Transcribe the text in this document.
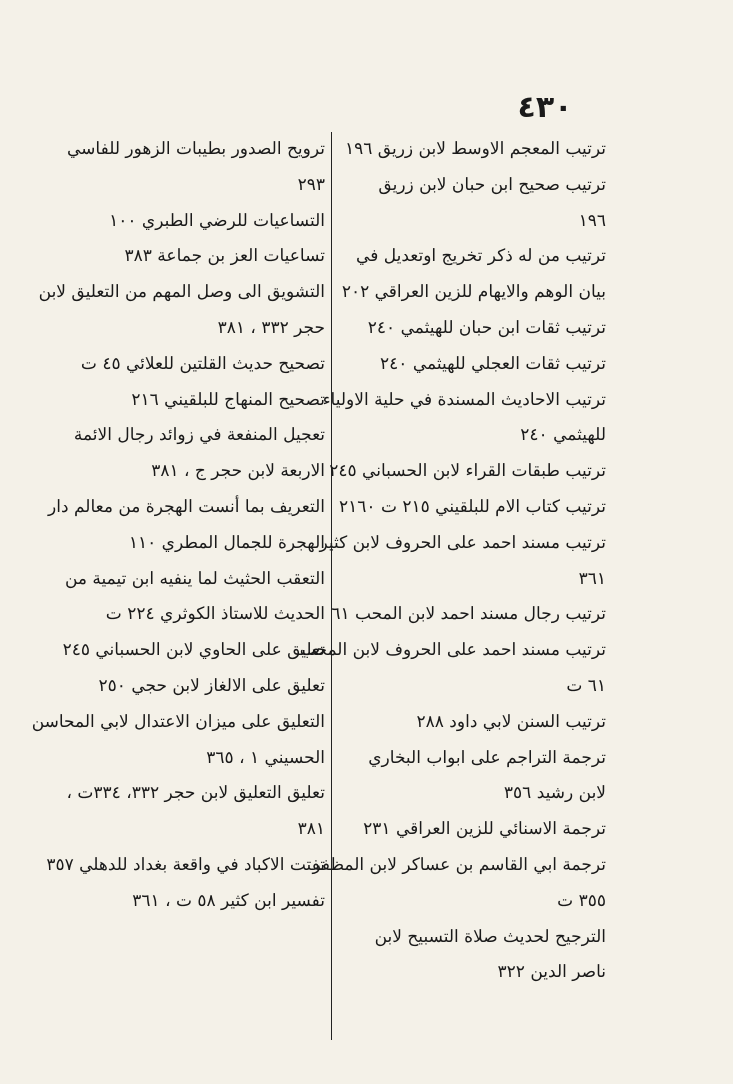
٤٣٠
ترتيب المعجم الاوسط لابن زريق ١٩٦
ترتيب صحيح ابن حبان لابن زريق
١٩٦
ترتيب من له ذكر تخريج اوتعديل في
بيان الوهم والايهام للزين العراقي ٢٠٢
ترتيب ثقات ابن حبان للهيثمي ٢٤٠
ترتيب ثقات العجلي للهيثمي ٢٤٠
ترتيب الاحاديث المسندة في حلية الاولياء
للهيثمي ٢٤٠
ترتيب طبقات القراء لابن الحسباني ٢٤٥
ترتيب كتاب الام للبلقيني ٢١٥ ت ٢١٦٠
ترتيب مسند احمد على الحروف لابن كثير
٣٦١
ترتيب رجال مسند احمد لابن المحب ٦١
ترتيب مسند احمد على الحروف لابن المحب
٦١ ت
ترتيب السنن لابي داود ٢٨٨
ترجمة التراجم على ابواب البخاري
لابن رشيد ٣٥٦
ترجمة الاسنائي للزين العراقي ٢٣١
ترجمة ابي القاسم بن عساكر لابن المظفر
٣٥٥ ت
الترجيح لحديث صلاة التسبيح لابن
ناصر الدين ٣٢٢
ترويح الصدور بطيبات الزهور للفاسي
٢٩٣
التساعيات للرضي الطبري ١٠٠
تساعيات العز بن جماعة ٣٨٣
التشويق الى وصل المهم من التعليق لابن
حجر ٣٣٢ ، ٣٨١
تصحيح حديث القلتين للعلائي ٤٥ ت
تصحيح المنهاج للبلقيني ٢١٦
تعجيل المنفعة في زوائد رجال الائمة
الاربعة لابن حجر ج ، ٣٨١
التعريف بما أنست الهجرة من معالم دار
الهجرة للجمال المطري ١١٠
التعقب الحثيث لما ينفيه ابن تيمية من
الحديث للاستاذ الكوثري ٢٢٤ ت
تعليق على الحاوي لابن الحسباني ٢٤٥
تعليق على الالغاز لابن حجي ٢٥٠
التعليق على ميزان الاعتدال لابي المحاسن
الحسيني ١ ، ٣٦٥
تعليق التعليق لابن حجر ٣٣٢، ٣٣٤ت ،
٣٨١
تفتت الاكباد في واقعة بغداد للدهلي ٣٥٧
تفسير ابن كثير ٥٨ ت ، ٣٦١
